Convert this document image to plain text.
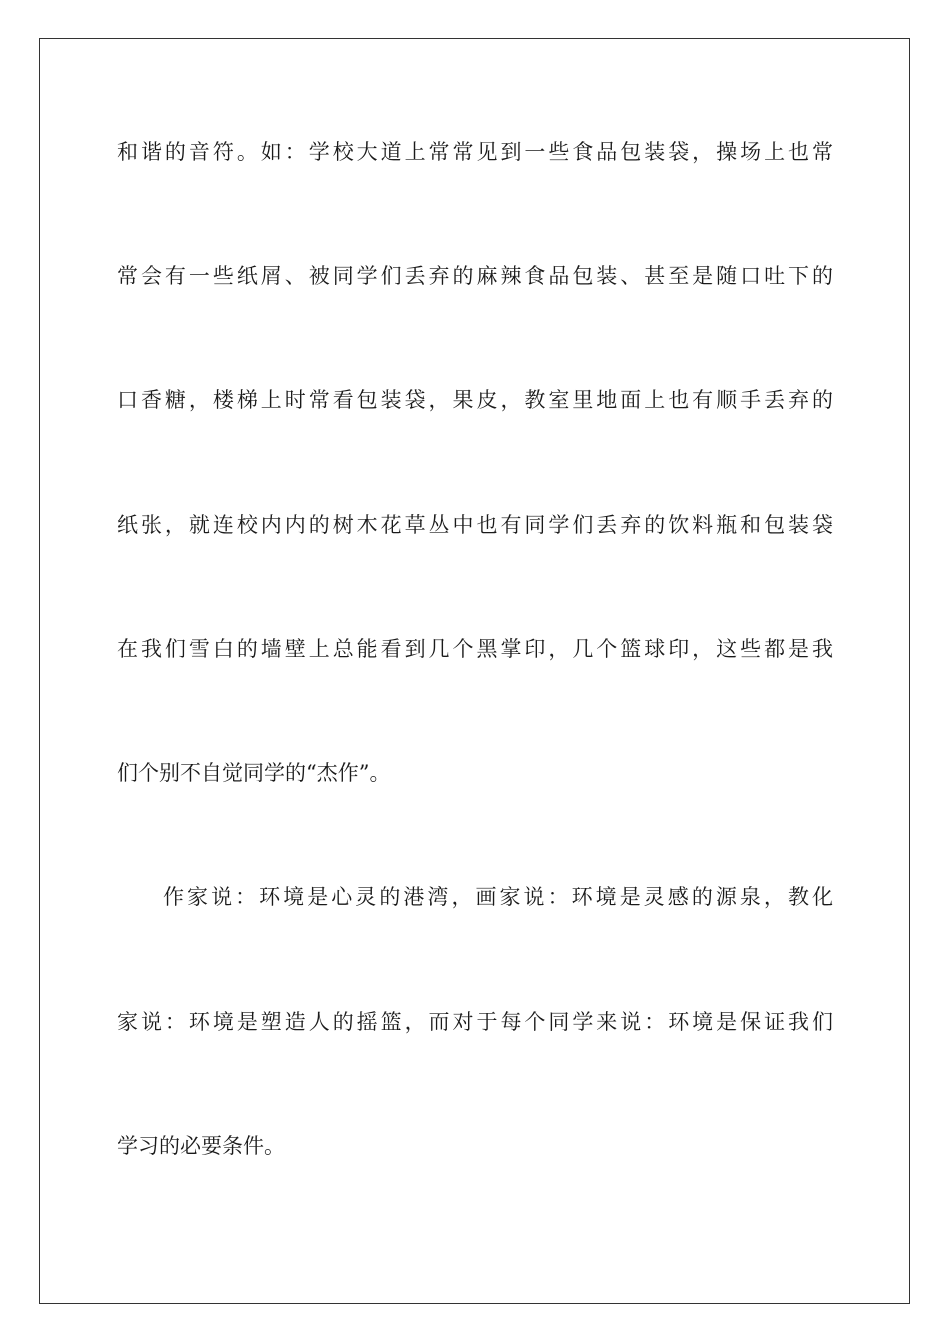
和谐的音符。如：学校大道上常常见到一些食品包装袋，操场上也常
常会有一些纸屑、被同学们丢弃的麻辣食品包装、甚至是随口吐下的
口香糖，楼梯上时常看包装袋，果皮，教室里地面上也有顺手丢弃的
纸张，就连校内内的树木花草丛中也有同学们丢弃的饮料瓶和包装袋
在我们雪白的墙壁上总能看到几个黑掌印，几个篮球印，这些都是我
们个别不自觉同学的“杰作”。
作家说：环境是心灵的港湾，画家说：环境是灵感的源泉，教化
家说：环境是塑造人的摇篮，而对于每个同学来说：环境是保证我们
学习的必要条件。
